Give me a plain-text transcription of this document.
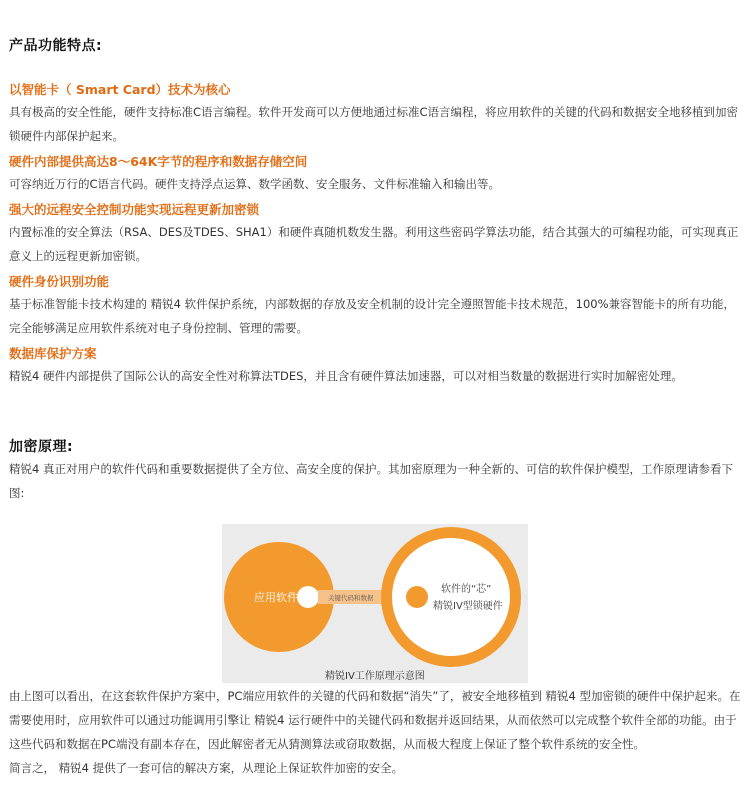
产品功能特点:
以智能卡（ Smart Card）技术为核心
具有极高的安全性能，硬件支持标准C语言编程。软件开发商可以方便地通过标准C语言编程，将应用软件的关键的代码和数据安全地移植到加密锁硬件内部保护起来。
硬件内部提供高达8～64K字节的程序和数据存储空间
可容纳近万行的C语言代码。硬件支持浮点运算、数学函数、安全服务、文件标准输入和输出等。
强大的远程安全控制功能实现远程更新加密锁
内置标准的安全算法（RSA、DES及TDES、SHA1）和硬件真随机数发生器。利用这些密码学算法功能，结合其强大的可编程功能，可实现真正意义上的远程更新加密锁。
硬件身份识别功能
基于标准智能卡技术构建的 精锐4 软件保护系统，内部数据的存放及安全机制的设计完全遵照智能卡技术规范，100%兼容智能卡的所有功能，完全能够满足应用软件系统对电子身份控制、管理的需要。
数据库保护方案
精锐4 硬件内部提供了国际公认的高安全性对称算法TDES，并且含有硬件算法加速器，可以对相当数量的数据进行实时加解密处理。
加密原理:
精锐4 真正对用户的软件代码和重要数据提供了全方位、高安全度的保护。其加密原理为一种全新的、可信的软件保护模型，工作原理请参看下图:
应用软件	关键代码和数据
软件的“芯”
精锐IV型锁硬件
精锐IV工作原理示意图
由上图可以看出，在这套软件保护方案中，PC端应用软件的关键的代码和数据“消失”了，被安全地移植到 精锐4 型加密锁的硬件中保护起来。在需要使用时，应用软件可以通过功能调用引擎让 精锐4 运行硬件中的关键代码和数据并返回结果，从而依然可以完成整个软件全部的功能。由于这些代码和数据在PC端没有副本存在，因此解密者无从猜测算法或窃取数据，从而极大程度上保证了整个软件系统的安全性。
简言之， 精锐4 提供了一套可信的解决方案，从理论上保证软件加密的安全。
